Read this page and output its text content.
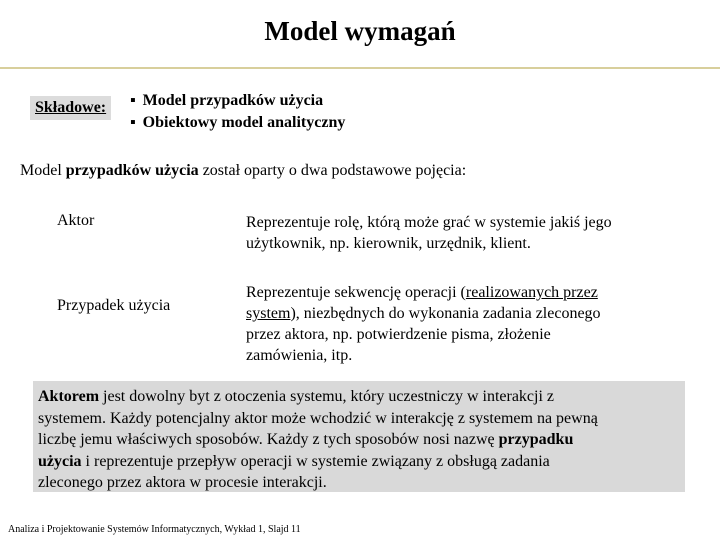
Model wymagań
Składowe:
▪	Model przypadków użycia
▪ Obiektowy model analityczny
Model przypadków użycia został oparty o dwa podstawowe pojęcia:
Aktor	Reprezentuje rolę, którą może grać w systemie jakiś jego
użytkownik, np. kierownik, urzędnik, klient.
Przypadek użycia
Reprezentuje sekwencję operacji (realizowanych przez
system), niezbędnych do wykonania zadania zleconego
przez aktora, np. potwierdzenie pisma, złożenie
zamówienia, itp.
Aktorem jest dowolny byt z otoczenia systemu, który uczestniczy w interakcji z
systemem. Każdy potencjalny aktor może wchodzić w interakcję z systemem na pewną
liczbę jemu właściwych sposobów. Każdy z tych sposobów nosi nazwę przypadku
użycia i reprezentuje przepływ operacji w systemie związany z obsługą zadania
zleconego przez aktora w procesie interakcji.
Analiza i Projektowanie Systemów Informatycznych, Wykład 1, Slajd 11
